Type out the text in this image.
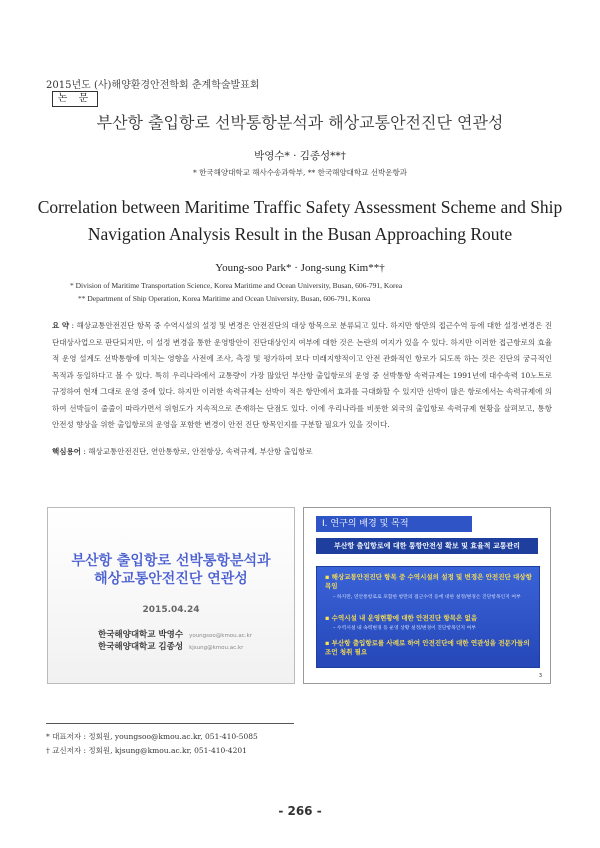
2015년도 (사)해양환경안전학회 춘계학술발표회
논 문
부산항 출입항로 선박통항분석과 해상교통안전진단 연관성
박영수* · 김종성**†
* 한국해양대학교 해사수송과학부, ** 한국해양대학교 선박운항과
Correlation between Maritime Traffic Safety Assessment Scheme and Ship
Navigation Analysis Result in the Busan Approaching Route
Young-soo Park* · Jong-sung Kim**†
* Division of Maritime Transportation Science, Korea Maritime and Ocean University, Busan, 606-791, Korea
** Department of Ship Operation, Korea Maritime and Ocean University, Busan, 606-791, Korea
요 약 : 해상교통안전진단 항목 중 수역시설의 설정 및 변경은 안전진단의 대상 항목으로 분류되고 있다. 하지만 항만의 접근수역 등에 대한 설정·변경은 진단대상사업으로 판단되지만, 이 설정 변경을 통한 운영방안이 진단대상인지 여부에 대한 것은 논란의 여지가 있을 수 있다. 하지만 이러한 접근항로의 효율적 운영 설계도 선박통항에 미치는 영향을 사전에 조사, 측정 및 평가하여 보다 미래지향적이고 안전 관화적인 항로가 되도록 하는 것은 진단의 궁극적인 목적과 동일하다고 볼 수 있다. 특히 우리나라에서 교통량이 가장 많았던 부산항 출입항로의 운영 중 선박통항 속력규제는 1991년에 대수속력 10노트로 규정하여 현재 그대로 운영 중에 있다. 하지만 이러한 속력규제는 선박이 적은 항만에서 효과를 극대화할 수 있지만 선박이 많은 항로에서는 속력규제에 의하여 선박들이 줄줄이 따라가면서 위험도가 지속적으로 존재하는 단점도 있다. 이에 우리나라를 비롯한 외국의 출입항로 속력규제 현황을 살펴보고, 통항안전성 향상을 위한 출입항로의 운영을 포함한 변경이 안전 진단 항목인지를 구분할 필요가 있을 것이다.
핵심용어 : 해상교통안전진단, 연안통항로, 안전항상, 속력규제, 부산항 출입항로
부산항 출입항로 선박통항분석과
해상교통안전진단 연관성
2015.04.24
한국해양대학교 박영수 youngsoo@kmou.ac.kr
한국해양대학교 김종성 kjsung@kmou.ac.kr
I. 연구의 배경 및 목적
부산항 출입항로에 대한 통항안전성 확보 및 효율적 교통관리
▪ 해상교통안전진단 항목 중 수역시설의 설정 및 변경은 안전진단 대상항목임
– 하지만, 연안통항로로 포함한 항만의 접근수역 등에 대한 설정/변경은 진단항목인지 여부
▪ 수역시설 내 운영현황에 대한 안전진단 항목은 없음
– 수역시설 내 속력변경 등 운영 상황 설정/변경이 진단항목인지 여부
▪ 부산항 출입항로를 사례로 하여 안전진단에 대한 연관성을 전문가들의 조언 청취 필요
3
* 대표저자 : 정회원, youngsoo@kmou.ac.kr, 051-410-5085
† 교신저자 : 정회원, kjsung@kmou.ac.kr, 051-410-4201
- 266 -
